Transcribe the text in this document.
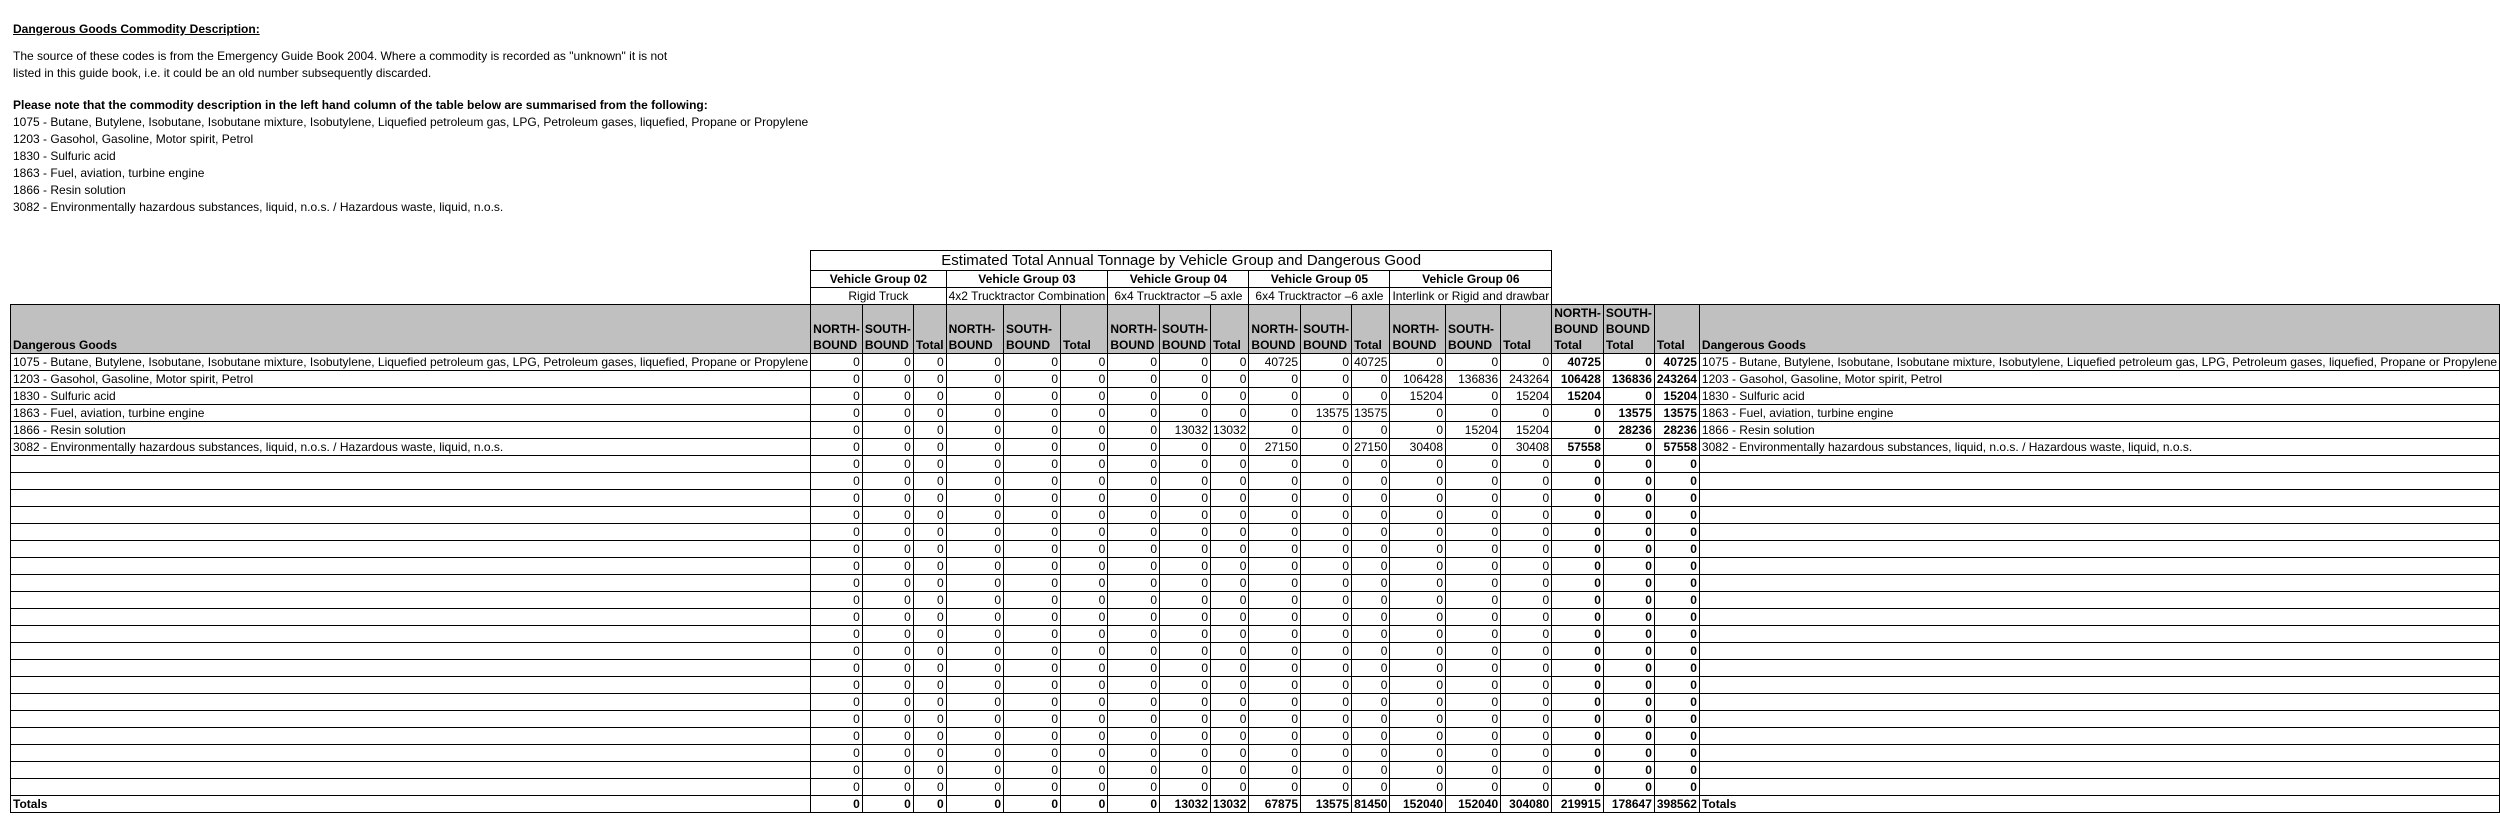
Dangerous Goods Commodity Description:
The source of these codes is from the Emergency Guide Book 2004. Where a commodity is recorded as "unknown" it is not
listed in this guide book, i.e. it could be an old number subsequently discarded.
Please note that the commodity description in the left hand column of the table below are summarised from the following:
1075 - Butane, Butylene, Isobutane, Isobutane mixture, Isobutylene, Liquefied petroleum gas, LPG, Petroleum gases, liquefied, Propane or Propylene
1203 - Gasohol, Gasoline, Motor spirit, Petrol
1830 - Sulfuric acid
1863 - Fuel, aviation, turbine engine
1866 - Resin solution
3082 - Environmentally hazardous substances, liquid, n.o.s. / Hazardous waste, liquid, n.o.s.
	Estimated Total Annual Tonnage by Vehicle Group and Dangerous Good																		
	Vehicle Group 02			Vehicle Group 03			Vehicle Group 04			Vehicle Group 05			Vehicle Group 06						
	Rigid Truck			4x2 Trucktractor Combination			6x4 Trucktractor –5 axle			6x4 Trucktractor –6 axle			Interlink or Rigid and drawbar						
Dangerous Goods	NORTH-BOUND	SOUTH-BOUND	Total	NORTH-BOUND	SOUTH-BOUND	Total	NORTH-BOUND	SOUTH-BOUND	Total	NORTH-BOUND	SOUTH-BOUND	Total	NORTH-BOUND	SOUTH-BOUND	Total	NORTH-BOUND Total	SOUTH-BOUND Total	Total	Dangerous Goods
1075 - Butane, Butylene, Isobutane, Isobutane mixture, Isobutylene, Liquefied petroleum gas, LPG, Petroleum gases, liquefied, Propane or Propylene	0	0	0	0	0	0	0	0	0	40725	0	40725	0	0	0	40725	0	40725	1075 - Butane, Butylene, Isobutane, Isobutane mixture, Isobutylene, Liquefied petroleum gas, LPG, Petroleum gases, liquefied, Propane or Propylene
1203 - Gasohol, Gasoline, Motor spirit, Petrol	0	0	0	0	0	0	0	0	0	0	0	0	106428	136836	243264	106428	136836	243264	1203 - Gasohol, Gasoline, Motor spirit, Petrol
1830 - Sulfuric acid	0	0	0	0	0	0	0	0	0	0	0	0	15204	0	15204	15204	0	15204	1830 - Sulfuric acid
1863 - Fuel, aviation, turbine engine	0	0	0	0	0	0	0	0	0	0	13575	13575	0	0	0	0	13575	13575	1863 - Fuel, aviation, turbine engine
1866 - Resin solution	0	0	0	0	0	0	0	13032	13032	0	0	0	0	15204	15204	0	28236	28236	1866 - Resin solution
3082 - Environmentally hazardous substances, liquid, n.o.s. / Hazardous waste, liquid, n.o.s.	0	0	0	0	0	0	0	0	0	27150	0	27150	30408	0	30408	57558	0	57558	3082 - Environmentally hazardous substances, liquid, n.o.s. / Hazardous waste, liquid, n.o.s.
	0	0	0	0	0	0	0	0	0	0	0	0	0	0	0	0	0	0	
	0	0	0	0	0	0	0	0	0	0	0	0	0	0	0	0	0	0	
	0	0	0	0	0	0	0	0	0	0	0	0	0	0	0	0	0	0	
	0	0	0	0	0	0	0	0	0	0	0	0	0	0	0	0	0	0	
	0	0	0	0	0	0	0	0	0	0	0	0	0	0	0	0	0	0	
	0	0	0	0	0	0	0	0	0	0	0	0	0	0	0	0	0	0	
	0	0	0	0	0	0	0	0	0	0	0	0	0	0	0	0	0	0	
	0	0	0	0	0	0	0	0	0	0	0	0	0	0	0	0	0	0	
	0	0	0	0	0	0	0	0	0	0	0	0	0	0	0	0	0	0	
	0	0	0	0	0	0	0	0	0	0	0	0	0	0	0	0	0	0	
	0	0	0	0	0	0	0	0	0	0	0	0	0	0	0	0	0	0	
	0	0	0	0	0	0	0	0	0	0	0	0	0	0	0	0	0	0	
	0	0	0	0	0	0	0	0	0	0	0	0	0	0	0	0	0	0	
	0	0	0	0	0	0	0	0	0	0	0	0	0	0	0	0	0	0	
	0	0	0	0	0	0	0	0	0	0	0	0	0	0	0	0	0	0	
	0	0	0	0	0	0	0	0	0	0	0	0	0	0	0	0	0	0	
	0	0	0	0	0	0	0	0	0	0	0	0	0	0	0	0	0	0	
	0	0	0	0	0	0	0	0	0	0	0	0	0	0	0	0	0	0	
	0	0	0	0	0	0	0	0	0	0	0	0	0	0	0	0	0	0	
	0	0	0	0	0	0	0	0	0	0	0	0	0	0	0	0	0	0	
Totals	0	0	0	0	0	0	0	13032	13032	67875	13575	81450	152040	152040	304080	219915	178647	398562	Totals
